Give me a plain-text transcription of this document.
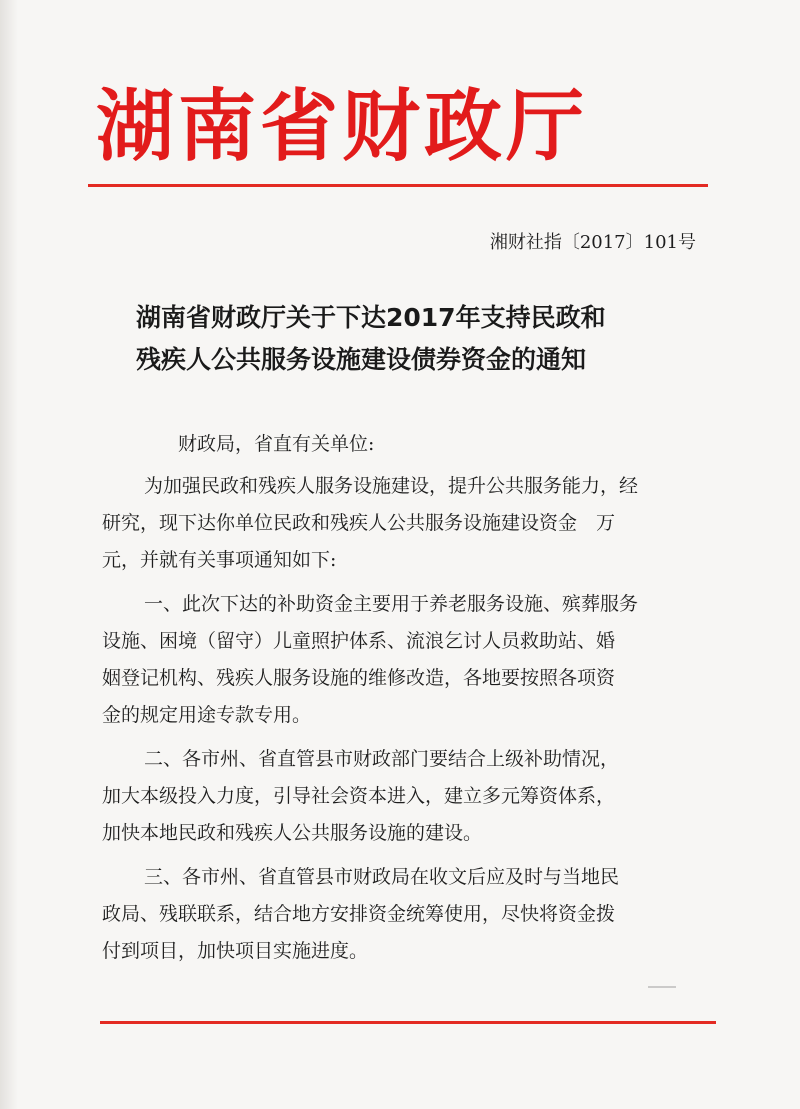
湖南省财政厅
湘财社指〔2017〕101号
湖南省财政厅关于下达2017年支持民政和
残疾人公共服务设施建设债券资金的通知
财政局，省直有关单位:
为加强民政和残疾人服务设施建设，提升公共服务能力，经
研究，现下达你单位民政和残疾人公共服务设施建设资金　万
元，并就有关事项通知如下:
一、此次下达的补助资金主要用于养老服务设施、殡葬服务
设施、困境（留守）儿童照护体系、流浪乞讨人员救助站、婚
姻登记机构、残疾人服务设施的维修改造，各地要按照各项资
金的规定用途专款专用。
二、各市州、省直管县市财政部门要结合上级补助情况，
加大本级投入力度，引导社会资本进入，建立多元筹资体系，
加快本地民政和残疾人公共服务设施的建设。
三、各市州、省直管县市财政局在收文后应及时与当地民
政局、残联联系，结合地方安排资金统筹使用，尽快将资金拨
付到项目，加快项目实施进度。
